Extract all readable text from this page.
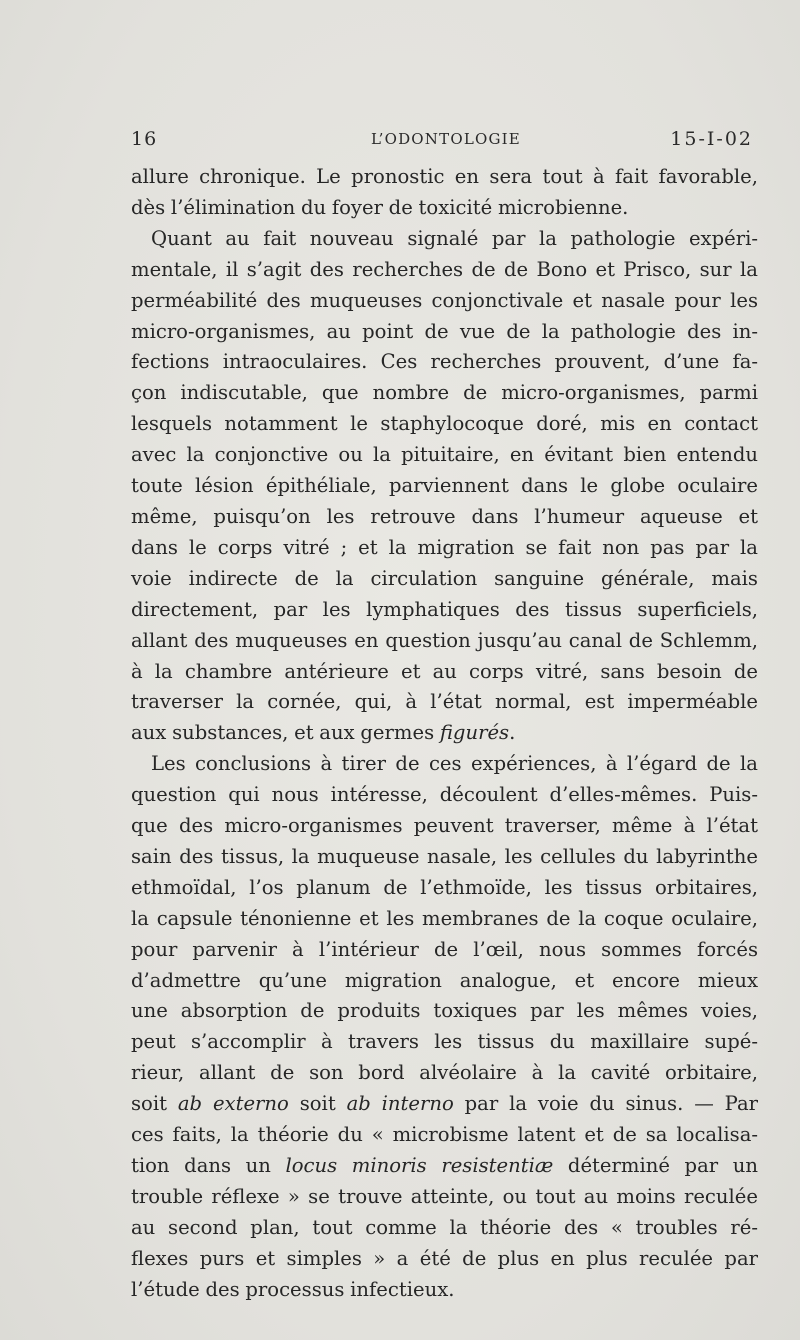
16	L’ODONTOLOGIE	15-I-02

allure chronique. Le pronostic en sera tout à fait favorable,
dès l’élimination du foyer de toxicité microbienne.

Quant au fait nouveau signalé par la pathologie expéri-
mentale, il s’agit des recherches de de Bono et Prisco, sur la
perméabilité des muqueuses conjonctivale et nasale pour les
micro-organismes, au point de vue de la pathologie des in-
fections intraoculaires. Ces recherches prouvent, d’une fa-
çon indiscutable, que nombre de micro-organismes, parmi
lesquels notamment le staphylocoque doré, mis en contact
avec la conjonctive ou la pituitaire, en évitant bien entendu
toute lésion épithéliale, parviennent dans le globe oculaire
même, puisqu’on les retrouve dans l’humeur aqueuse et
dans le corps vitré ; et la migration se fait non pas par la
voie indirecte de la circulation sanguine générale, mais
directement, par les lymphatiques des tissus superficiels,
allant des muqueuses en question jusqu’au canal de Schlemm,
à la chambre antérieure et au corps vitré, sans besoin de
traverser la cornée, qui, à l’état normal, est imperméable
aux substances, et aux germes figurés.

Les conclusions à tirer de ces expériences, à l’égard de la
question qui nous intéresse, découlent d’elles-mêmes. Puis-
que des micro-organismes peuvent traverser, même à l’état
sain des tissus, la muqueuse nasale, les cellules du labyrinthe
ethmoïdal, l’os planum de l’ethmoïde, les tissus orbitaires,
la capsule ténonienne et les membranes de la coque oculaire,
pour parvenir à l’intérieur de l’œil, nous sommes forcés
d’admettre qu’une migration analogue, et encore mieux
une absorption de produits toxiques par les mêmes voies,
peut s’accomplir à travers les tissus du maxillaire supé-
rieur, allant de son bord alvéolaire à la cavité orbitaire,
soit ab externo soit ab interno par la voie du sinus. — Par
ces faits, la théorie du « microbisme latent et de sa localisa-
tion dans un locus minoris resistentiæ déterminé par un
trouble réflexe » se trouve atteinte, ou tout au moins reculée
au second plan, tout comme la théorie des « troubles ré-
flexes purs et simples » a été de plus en plus reculée par
l’étude des processus infectieux.
